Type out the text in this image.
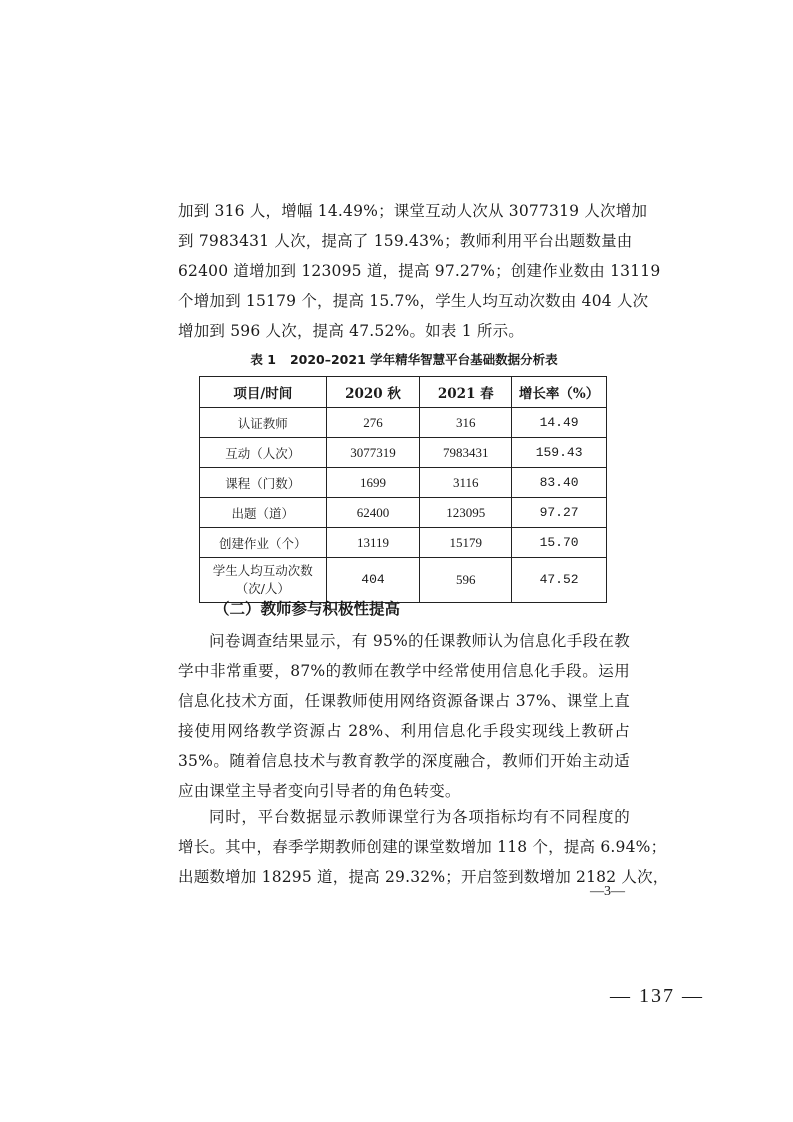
加到 316 人，增幅 14.49%；课堂互动人次从 3077319 人次增加
到 7983431 人次，提高了 159.43%；教师利用平台出题数量由
62400 道增加到 123095 道，提高 97.27%；创建作业数由 13119
个增加到 15179 个，提高 15.7%，学生人均互动次数由 404 人次
增加到 596 人次，提高 47.52%。如表 1 所示。
表 1 2020–2021 学年精华智慧平台基础数据分析表
项目/时间	2020 秋	2021 春	增长率（%）
认证教师	276	316	14.49
互动（人次）	3077319	7983431	159.43
课程（门数）	1699	3116	83.40
出题（道）	62400	123095	97.27
创建作业（个）	13119	15179	15.70
学生人均互动次数
（次/人）	404	596	47.52
（二）教师参与积极性提高
问卷调查结果显示，有 95%的任课教师认为信息化手段在教
学中非常重要，87%的教师在教学中经常使用信息化手段。运用
信息化技术方面，任课教师使用网络资源备课占 37%、课堂上直
接使用网络教学资源占 28%、利用信息化手段实现线上教研占
35%。随着信息技术与教育教学的深度融合，教师们开始主动适
应由课堂主导者变向引导者的角色转变。
同时，平台数据显示教师课堂行为各项指标均有不同程度的
增长。其中，春季学期教师创建的课堂数增加 118 个，提高 6.94%；
出题数增加 18295 道，提高 29.32%；开启签到数增加 2182 人次，
—3—
— 137 —
